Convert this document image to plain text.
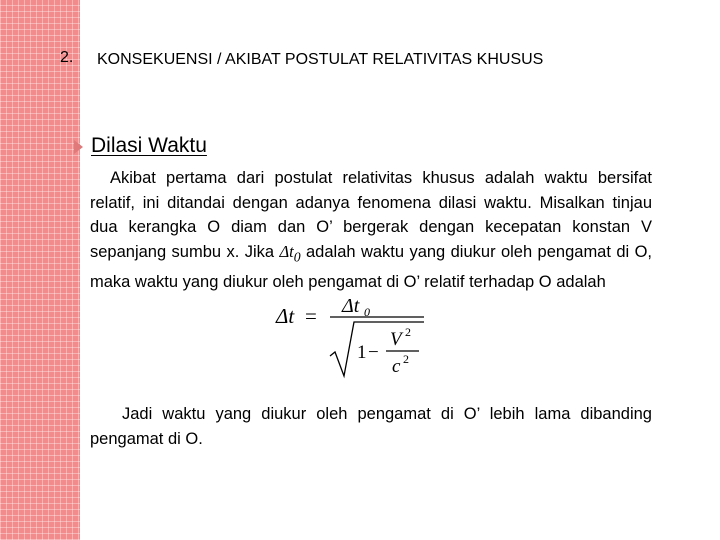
2. KONSEKUENSI / AKIBAT POSTULAT RELATIVITAS KHUSUS
Dilasi Waktu
Akibat pertama dari postulat relativitas khusus adalah waktu bersifat relatif, ini ditandai dengan adanya fenomena dilasi waktu. Misalkan tinjau dua kerangka O diam dan O’ bergerak dengan kecepatan konstan V sepanjang sumbu x. Jika $\Delta t_0$ adalah waktu yang diukur oleh pengamat di O, maka waktu yang diukur oleh pengamat di O’ relatif terhadap O adalah
Δt = Δt 0
1 −
V 2
c 2
Jadi waktu yang diukur oleh pengamat di O’ lebih lama dibanding pengamat di O.
